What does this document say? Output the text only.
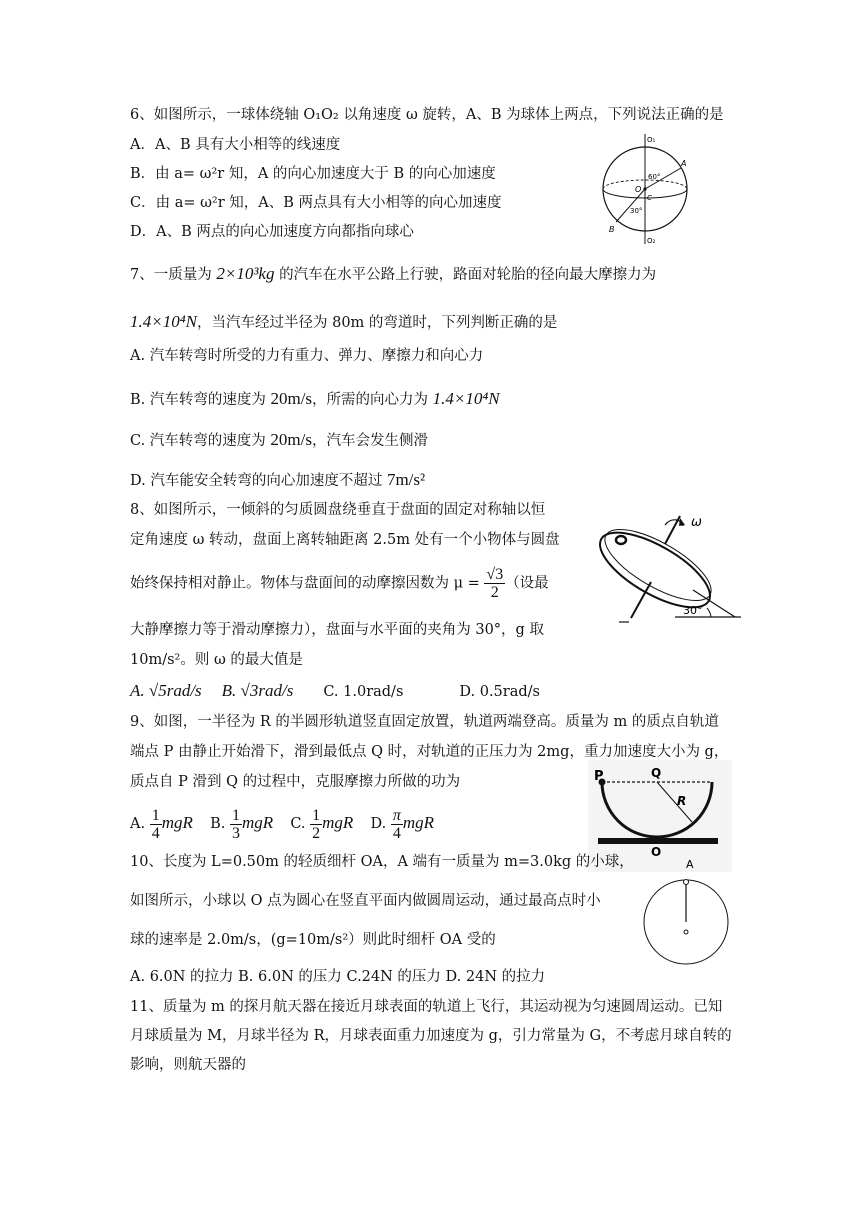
6、如图所示，一球体绕轴 O₁O₂ 以角速度 ω 旋转，A、B 为球体上两点，下列说法正确的是
A．A、B 具有大小相等的线速度
B．由 a= ω²r 知，A 的向心加速度大于 B 的向心加速度
C．由 a= ω²r 知，A、B 两点具有大小相等的向心加速度
D．A、B 两点的向心加速度方向都指向球心
O₁
O₂
A
B
O
C
60°
30°
7、一质量为 2×10³kg 的汽车在水平公路上行驶，路面对轮胎的径向最大摩擦力为
1.4×10⁴N，当汽车经过半径为 80m 的弯道时，下列判断正确的是
A. 汽车转弯时所受的力有重力、弹力、摩擦力和向心力
B. 汽车转弯的速度为 20m/s，所需的向心力为 1.4×10⁴N
C. 汽车转弯的速度为 20m/s，汽车会发生侧滑
D. 汽车能安全转弯的向心加速度不超过 7m/s²
8、如图所示，一倾斜的匀质圆盘绕垂直于盘面的固定对称轴以恒
定角速度 ω 转动，盘面上离转轴距离 2.5m 处有一个小物体与圆盘
始终保持相对静止。物体与盘面间的动摩擦因数为 $\mu = \frac{√3}{2}$ （设最
大静摩擦力等于滑动摩擦力），盘面与水平面的夹角为 30°，g 取
10m/s²。则 ω 的最大值是
A. √5rad/s B. √3rad/s C. 1.0rad/s	D. 0.5rad/s
ω
30°
9、如图，一半径为 R 的半圆形轨道竖直固定放置，轨道两端登高。质量为 m 的质点自轨道
端点 P 由静止开始滑下，滑到最低点 Q 时，对轨道的正压力为 2mg，重力加速度大小为 g，
质点自 P 滑到 Q 的过程中，克服摩擦力所做的功为
A. $\frac{1}{4}$ mgR B. $\frac{1}{3}$ mgR C. $\frac{1}{2}$ mgR D. $\frac{\pi}{4}$ mgR
P	Q
R
O
A
10、长度为 L=0.50m 的轻质细杆 OA，A 端有一质量为 m=3.0kg 的小球，
如图所示，小球以 O 点为圆心在竖直平面内做圆周运动，通过最高点时小
球的速率是 2.0m/s，(g=10m/s²）则此时细杆 OA 受的
A. 6.0N 的拉力 B. 6.0N 的压力 C.24N 的压力 D. 24N 的拉力
11、质量为 m 的探月航天器在接近月球表面的轨道上飞行，其运动视为匀速圆周运动。已知
月球质量为 M，月球半径为 R，月球表面重力加速度为 g，引力常量为 G，不考虑月球自转的
影响，则航天器的
